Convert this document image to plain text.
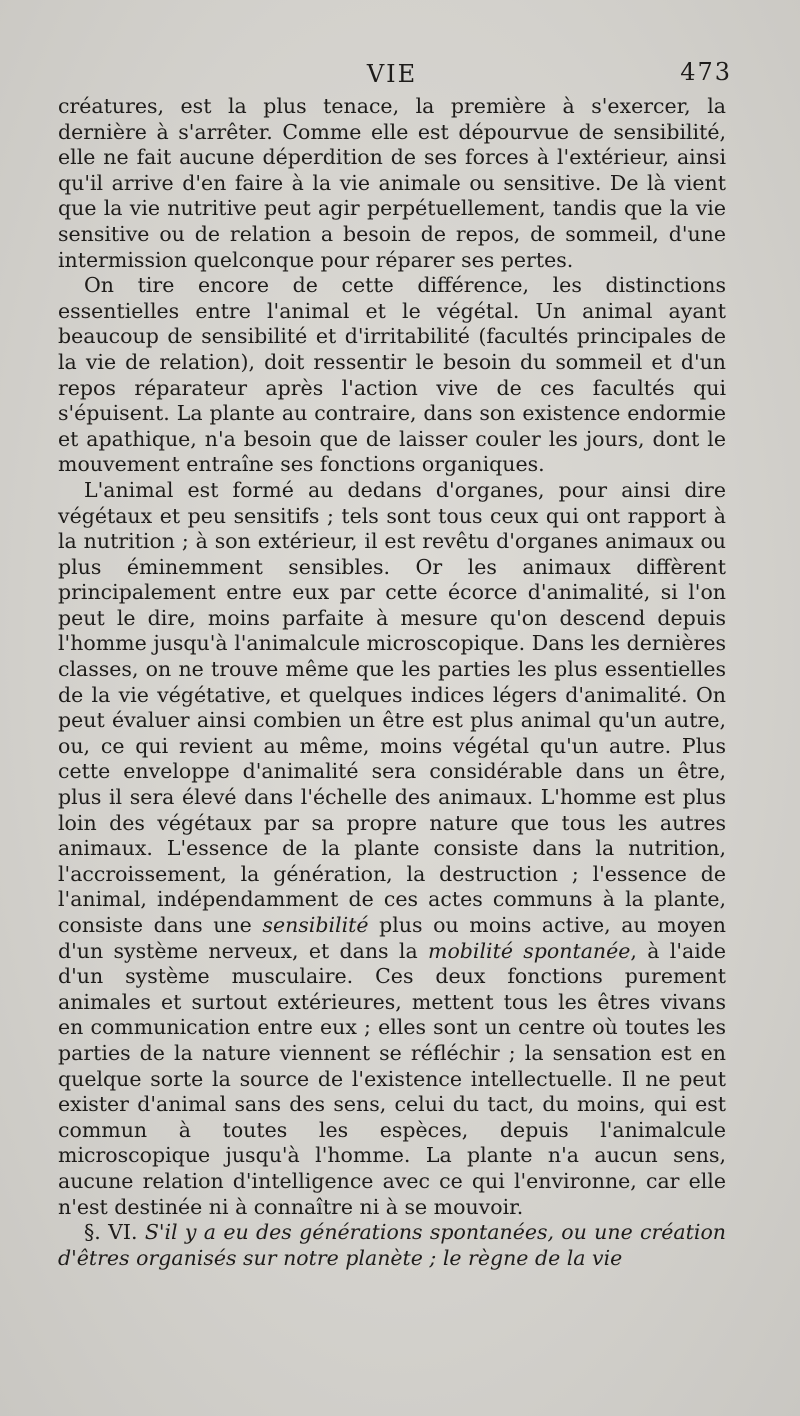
VIE	473

créatures, est la plus tenace, la première à s'exercer, la dernière à s'arrêter. Comme elle est dépourvue de sensibilité, elle ne fait aucune déperdition de ses forces à l'extérieur, ainsi qu'il arrive d'en faire à la vie animale ou sensitive. De là vient que la vie nutritive peut agir perpétuellement, tandis que la vie sensitive ou de relation a besoin de repos, de sommeil, d'une intermission quelconque pour réparer ses pertes.

On tire encore de cette différence, les distinctions essentielles entre l'animal et le végétal. Un animal ayant beaucoup de sensibilité et d'irritabilité (facultés principales de la vie de relation), doit ressentir le besoin du sommeil et d'un repos réparateur après l'action vive de ces facultés qui s'épuisent. La plante au contraire, dans son existence endormie et apathique, n'a besoin que de laisser couler les jours, dont le mouvement entraîne ses fonctions organiques.

L'animal est formé au dedans d'organes, pour ainsi dire végétaux et peu sensitifs ; tels sont tous ceux qui ont rapport à la nutrition ; à son extérieur, il est revêtu d'organes animaux ou plus éminemment sensibles. Or les animaux diffèrent principalement entre eux par cette écorce d'animalité, si l'on peut le dire, moins parfaite à mesure qu'on descend depuis l'homme jusqu'à l'animalcule microscopique. Dans les dernières classes, on ne trouve même que les parties les plus essentielles de la vie végétative, et quelques indices légers d'animalité. On peut évaluer ainsi combien un être est plus animal qu'un autre, ou, ce qui revient au même, moins végétal qu'un autre. Plus cette enveloppe d'animalité sera considérable dans un être, plus il sera élevé dans l'échelle des animaux. L'homme est plus loin des végétaux par sa propre nature que tous les autres animaux. L'essence de la plante consiste dans la nutrition, l'accroissement, la génération, la destruction ; l'essence de l'animal, indépendamment de ces actes communs à la plante, consiste dans une sensibilité plus ou moins active, au moyen d'un système nerveux, et dans la mobilité spontanée, à l'aide d'un système musculaire. Ces deux fonctions purement animales et surtout extérieures, mettent tous les êtres vivans en communication entre eux ; elles sont un centre où toutes les parties de la nature viennent se réfléchir ; la sensation est en quelque sorte la source de l'existence intellectuelle. Il ne peut exister d'animal sans des sens, celui du tact, du moins, qui est commun à toutes les espèces, depuis l'animalcule microscopique jusqu'à l'homme. La plante n'a aucun sens, aucune relation d'intelligence avec ce qui l'environne, car elle n'est destinée ni à connaître ni à se mouvoir.

§. VI. S'il y a eu des générations spontanées, ou une création d'êtres organisés sur notre planète ; le règne de la vie
